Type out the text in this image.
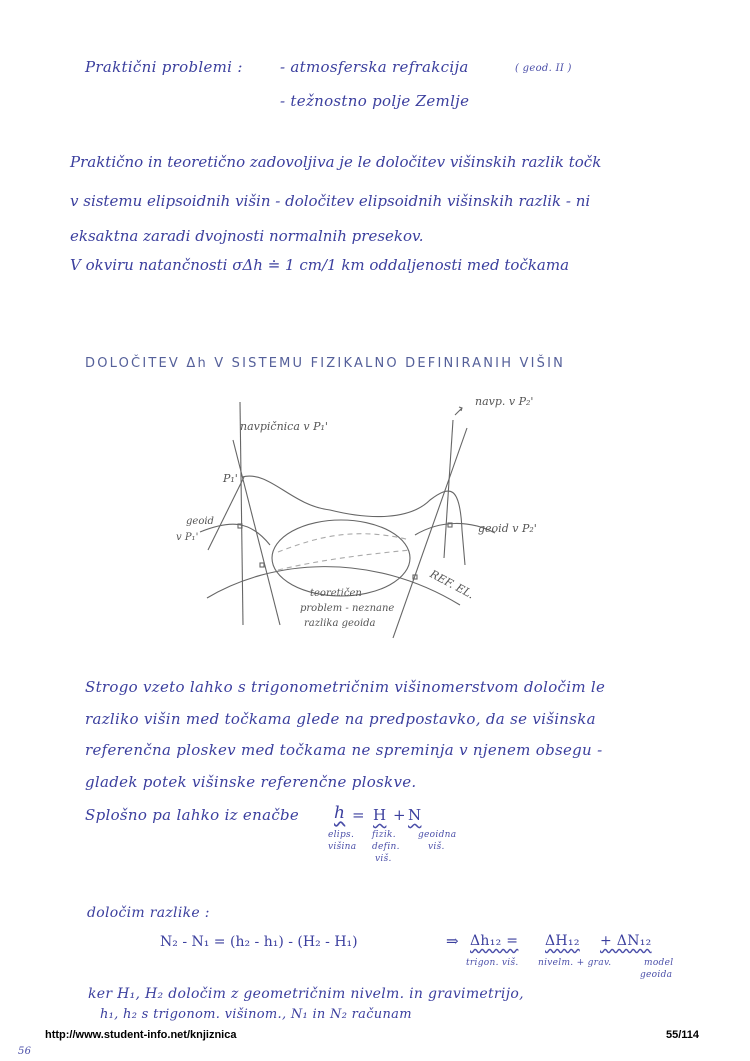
Praktični problemi : - atmosferska refrakcija	( geod. II )
- težnostno polje Zemlje
Praktično in teoretično zadovoljiva je le določitev višinskih razlik točk
v sistemu elipsoidnih višin - določitev elipsoidnih višinskih razlik - ni
eksaktna zaradi dvojnosti normalnih presekov.
V okviru natančnosti σΔh ≐ 1 cm/1 km oddaljenosti med točkama
DOLOČITEV Δh V SISTEMU FIZIKALNO DEFINIRANIH VIŠIN
navpičnica v P₁'
navp. v P₂'
P₁'
geoid
v P₁'
geoid v P₂'
REF. EL.
teoretičen
problem - neznane
razlika geoida
Strogo vzeto lahko s trigonometričnim višinomerstvom določim le
razliko višin med točkama glede na predpostavko, da se višinska
referenčna ploskev med točkama ne spreminja v njenem obsegu -
gladek potek višinske referenčne ploskve.
Splošno pa lahko iz enačbe h = H + N
elips.
višina
fizik.
defin.
viš.
geoidna
viš.
določim razlike :
N₂ - N₁ = (h₂ - h₁) - (H₂ - H₁)	⇒ Δh₁₂ = ΔH₁₂ + ΔN₁₂
trigon. viš. nivelm. + grav.	model
geoida
ker H₁, H₂ določim z geometričnim nivelm. in gravimetrijo,
h₁, h₂ s trigonom. višinom., N₁ in N₂ računam
http://www.student-info.net/knjiznica	55/114
56
